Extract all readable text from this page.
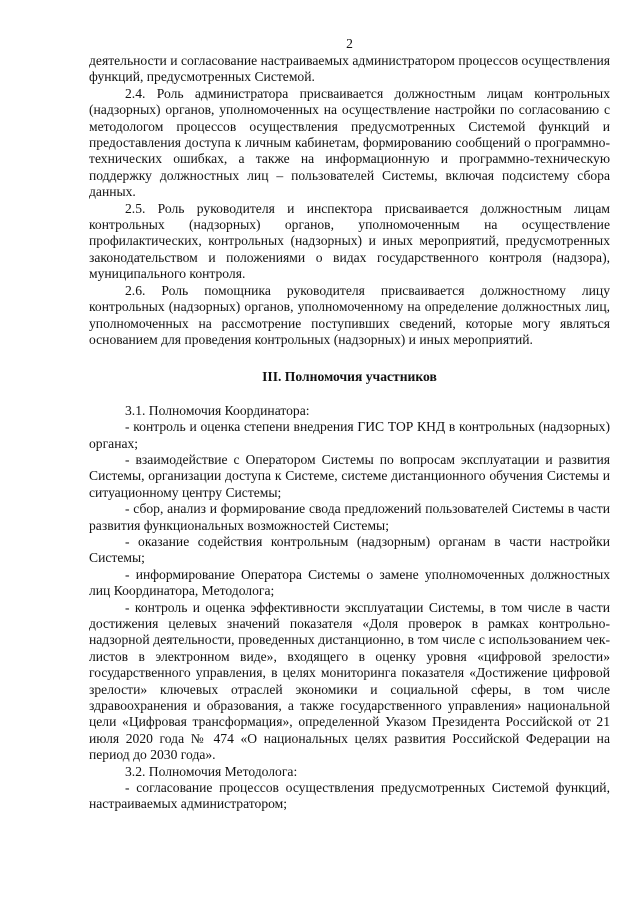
2

деятельности и согласование настраиваемых администратором процессов осуществления функций, предусмотренных Системой.

2.4. Роль администратора присваивается должностным лицам контрольных (надзорных) органов, уполномоченных на осуществление настройки по согласованию с методологом процессов осуществления предусмотренных Системой функций и предоставления доступа к личным кабинетам, формированию сообщений о программно-технических ошибках, а также на информационную и программно-техническую поддержку должностных лиц – пользователей Системы, включая подсистему сбора данных.

2.5. Роль руководителя и инспектора присваивается должностным лицам контрольных (надзорных) органов, уполномоченным на осуществление профилактических, контрольных (надзорных) и иных мероприятий, предусмотренных законодательством и положениями о видах государственного контроля (надзора), муниципального контроля.

2.6. Роль помощника руководителя присваивается должностному лицу контрольных (надзорных) органов, уполномоченному на определение должностных лиц, уполномоченных на рассмотрение поступивших сведений, которые могу являться основанием для проведения контрольных (надзорных) и иных мероприятий.

III. Полномочия участников

3.1. Полномочия Координатора:

- контроль и оценка степени внедрения ГИС ТОР КНД в контрольных (надзорных) органах;

- взаимодействие с Оператором Системы по вопросам эксплуатации и развития Системы, организации доступа к Системе, системе дистанционного обучения Системы и ситуационному центру Системы;

- сбор, анализ и формирование свода предложений пользователей Системы в части развития функциональных возможностей Системы;

- оказание содействия контрольным (надзорным) органам в части настройки Системы;

- информирование Оператора Системы о замене уполномоченных должностных лиц Координатора, Методолога;

- контроль и оценка эффективности эксплуатации Системы, в том числе в части достижения целевых значений показателя «Доля проверок в рамках контрольно-надзорной деятельности, проведенных дистанционно, в том числе с использованием чек-листов в электронном виде», входящего в оценку уровня «цифровой зрелости» государственного управления, в целях мониторинга показателя «Достижение цифровой зрелости» ключевых отраслей экономики и социальной сферы, в том числе здравоохранения и образования, а также государственного управления» национальной цели «Цифровая трансформация», определенной Указом Президента Российской от 21 июля 2020 года № 474 «О национальных целях развития Российской Федерации на период до 2030 года».

3.2. Полномочия Методолога:

- согласование процессов осуществления предусмотренных Системой функций, настраиваемых администратором;
